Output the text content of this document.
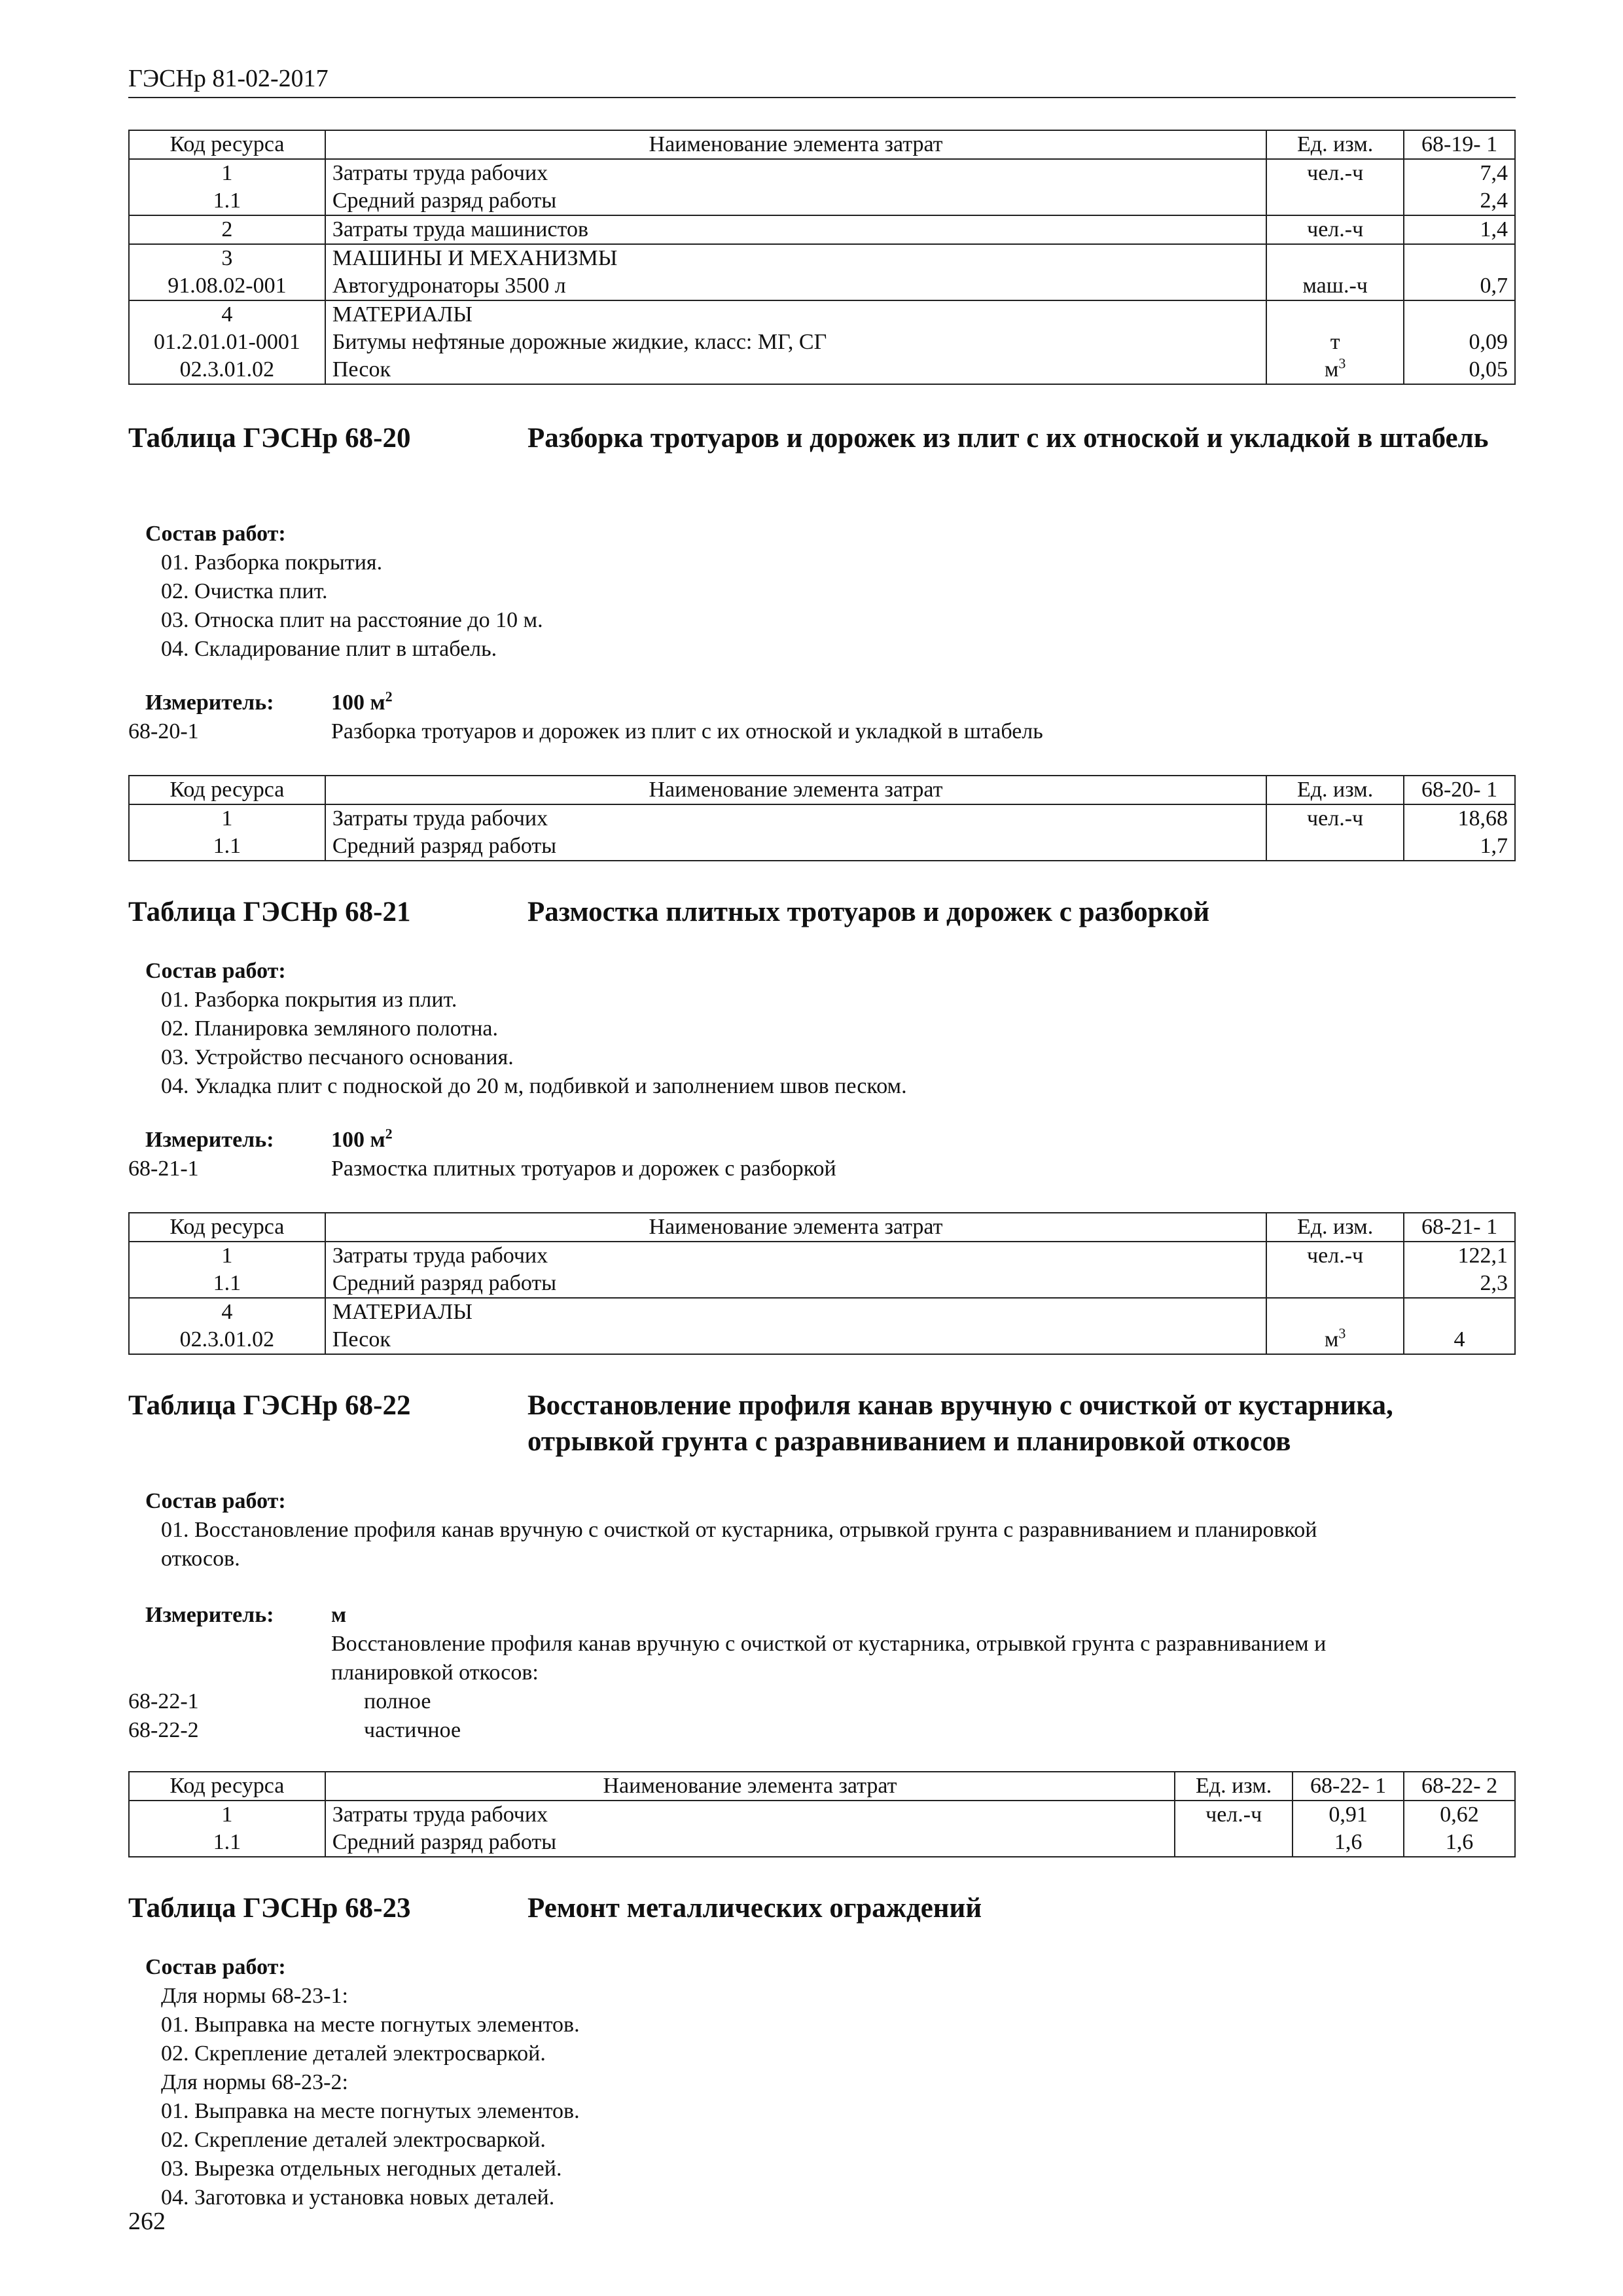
ГЭСНр 81-02-2017
Код ресурса	Наименование элемента затрат	Ед. изм.	68-19- 1
1	Затраты труда рабочих	чел.-ч	7,4
1.1	Средний разряд работы		2,4
2	Затраты труда машинистов	чел.-ч	1,4
3	МАШИНЫ И МЕХАНИЗМЫ		
91.08.02-001	Автогудронаторы 3500 л	маш.-ч	0,7
4	МАТЕРИАЛЫ		
01.2.01.01-0001	Битумы нефтяные дорожные жидкие, класс: МГ, СГ	т	0,09
02.3.01.02	Песок	$м^3$	0,05
Таблица ГЭСНр 68-20	Разборка тротуаров и дорожек из плит с их отноской и укладкой в штабель
Состав работ:
01. Разборка покрытия.
02. Очистка плит.
03. Относка плит на расстояние до 10 м.
04. Складирование плит в штабель.
Измеритель:	100 $м^2$
68-20-1	Разборка тротуаров и дорожек из плит с их отноской и укладкой в штабель
Код ресурса	Наименование элемента затрат	Ед. изм.	68-20- 1
1	Затраты труда рабочих	чел.-ч	18,68
1.1	Средний разряд работы		1,7
Таблица ГЭСНр 68-21	Размостка плитных тротуаров и дорожек с разборкой
Состав работ:
01. Разборка покрытия из плит.
02. Планировка земляного полотна.
03. Устройство песчаного основания.
04. Укладка плит с подноской до 20 м, подбивкой и заполнением швов песком.
Измеритель:	100 $м^2$
68-21-1	Размостка плитных тротуаров и дорожек с разборкой
Код ресурса	Наименование элемента затрат	Ед. изм.	68-21- 1
1	Затраты труда рабочих	чел.-ч	122,1
1.1	Средний разряд работы		2,3
4	МАТЕРИАЛЫ		
02.3.01.02	Песок	$м^3$	4
Таблица ГЭСНр 68-22	Восстановление профиля канав вручную с очисткой от кустарника, отрывкой грунта с разравниванием и планировкой откосов
Состав работ:
01. Восстановление профиля канав вручную с очисткой от кустарника, отрывкой грунта с разравниванием и планировкой
откосов.
Измеритель:	м
Восстановление профиля канав вручную с очисткой от кустарника, отрывкой грунта с разравниванием и
планировкой откосов:
68-22-1	полное
68-22-2	частичное
Код ресурса	Наименование элемента затрат	Ед. изм.	68-22- 1	68-22- 2
1	Затраты труда рабочих	чел.-ч	0,91	0,62
1.1	Средний разряд работы		1,6	1,6
Таблица ГЭСНр 68-23	Ремонт металлических ограждений
Состав работ:
Для нормы 68-23-1:
01. Выправка на месте погнутых элементов.
02. Скрепление деталей электросваркой.
Для нормы 68-23-2:
01. Выправка на месте погнутых элементов.
02. Скрепление деталей электросваркой.
03. Вырезка отдельных негодных деталей.
04. Заготовка и установка новых деталей.
262
